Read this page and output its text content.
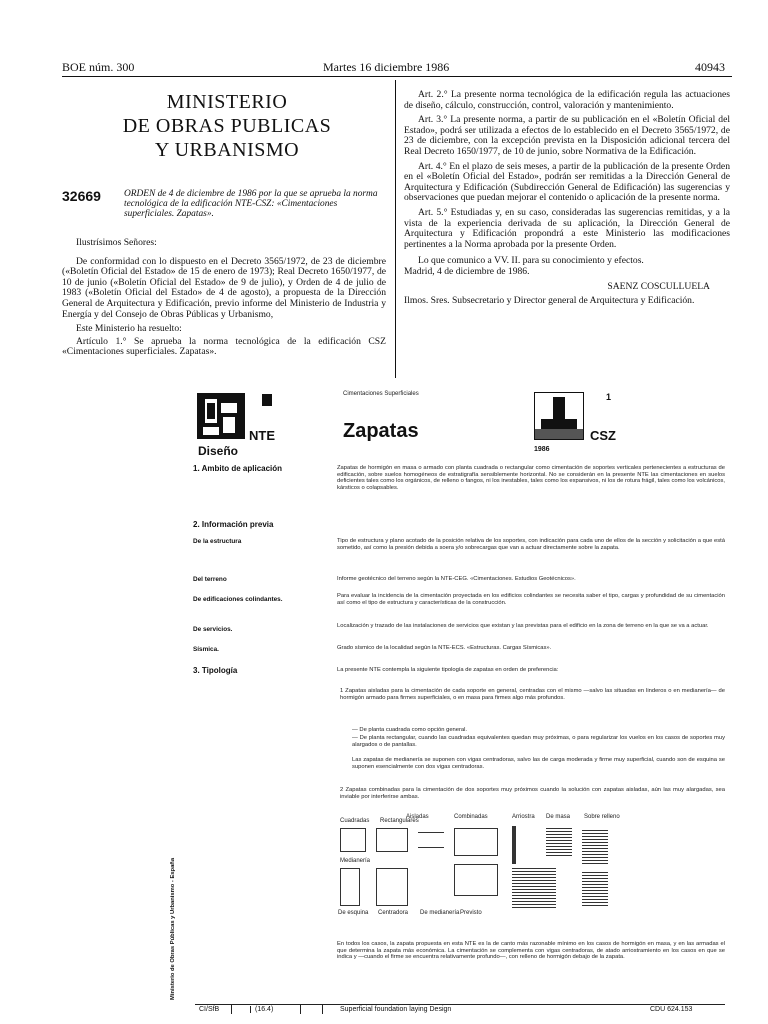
BOE núm. 300	Martes 16 diciembre 1986	40943
MINISTERIO
DE OBRAS PUBLICAS
Y URBANISMO
32669 ORDEN de 4 de diciembre de 1986 por la que se aprueba la norma tecnológica de la edificación NTE-CSZ: «Cimentaciones superficiales. Zapatas».

Ilustrísimos Señores:

De conformidad con lo dispuesto en el Decreto 3565/1972, de 23 de diciembre («Boletín Oficial del Estado» de 15 de enero de 1973); Real Decreto 1650/1977, de 10 de junio («Boletín Oficial del Estado» de 9 de julio), y Orden de 4 de julio de 1983 («Boletín Oficial del Estado» de 4 de agosto), a propuesta de la Dirección General de Arquitectura y Edificación, previo informe del Ministerio de Industria y Energía y del Consejo de Obras Públicas y Urbanismo,

Este Ministerio ha resuelto:

Artículo 1.° Se aprueba la norma tecnológica de la edificación CSZ «Cimentaciones superficiales. Zapatas».

Art. 2.° La presente norma tecnológica de la edificación regula las actuaciones de diseño, cálculo, construcción, control, valoración y mantenimiento.

Art. 3.° La presente norma, a partir de su publicación en el «Boletín Oficial del Estado», podrá ser utilizada a efectos de lo establecido en el Decreto 3565/1972, de 23 de diciembre, con la excepción prevista en la Disposición adicional tercera del Real Decreto 1650/1977, de 10 de junio, sobre Normativa de la Edificación.

Art. 4.° En el plazo de seis meses, a partir de la publicación de la presente Orden en el «Boletín Oficial del Estado», podrán ser remitidas a la Dirección General de Arquitectura y Edificación (Subdirección General de Edificación) las sugerencias y observaciones que puedan mejorar el contenido o aplicación de la presente norma.

Art. 5.° Estudiadas y, en su caso, consideradas las sugerencias remitidas, y a la vista de la experiencia derivada de su aplicación, la Dirección General de Arquitectura y Edificación propondrá a este Ministerio las modificaciones pertinentes a la Norma aprobada por la presente Orden.

Lo que comunico a VV. II. para su conocimiento y efectos.
Madrid, 4 de diciembre de 1986.

SAENZ COSCULLUELA

Ilmos. Sres. Subsecretario y Director general de Arquitectura y Edificación.

Cimentaciones Superficiales
NTE
Diseño
Zapatas
1
CSZ
1986
1. Ambito de aplicación	Zapatas de hormigón en masa o armado con planta cuadrada o rectangular como cimentación de soportes verticales pertenecientes a estructuras de edificación, sobre suelos homogéneos de estratigrafía sensiblemente horizontal. No se considerán en la presente NTE las cimentaciones en suelos deficientes tales como los orgánicos, de relleno o fangos, ni los inestables, tales como los expansivos, ni los de rotura frágil, tales como los volcánicos, kársticos o colapsables.
2. Información previa
De la estructura	Tipo de estructura y plano acotado de la posición relativa de los soportes, con indicación para cada uno de ellos de la sección y solicitación a que está sometido, así como la presión debida a soera y/o sobrecargas que van a actuar directamente sobre la zapata.
Del terreno	Informe geotécnico del terreno según la NTE-CEG. «Cimentaciones. Estudios Geotécnicos».
De edificaciones colindantes.	Para evaluar la incidencia de la cimentación proyectada en los edificios colindantes se necesita saber el tipo, cargas y profundidad de su cimentación así como el tipo de estructura y características de la construcción.
De servicios.	Localización y trazado de las instalaciones de servicios que existan y las previstas para el edificio en la zona de terreno en la que se va a actuar.
Sísmica.	Grado sísmico de la localidad según la NTE-ECS. «Estructuras. Cargas Sísmicas».
3. Tipología	La presente NTE contempla la siguiente tipología de zapatas en orden de preferencia:
1 Zapatas aisladas para la cimentación de cada soporte en general, centradas con el mismo —salvo las situadas en linderos o en medianería— de hormigón armado para firmes superficiales, o en masa para firmes algo más profundos.
— De planta cuadrada como opción general.
— De planta rectangular, cuando las cuadradas equivalentes quedan muy próximas, o para regularizar los vuelos en los casos de soportes muy alargados o de pantallas.
Las zapatas de medianería se suponen con vigas centradoras, salvo las de carga moderada y firme muy superficial, cuando son de esquina se suponen esencialmente con dos vigas centradoras.
2 Zapatas combinadas para la cimentación de dos soportes muy próximos cuando la solución con zapatas aisladas, aún las muy alargadas, sea inviable por interferirse ambas.
Cuadradas Rectangulares
Aisladas	Combinadas	Arriostra De masa Sobre relleno
Medianería
De esquina Centradora De medianería Previsto
En todos los casos, la zapata propuesta en esta NTE es la de canto más razonable mínimo en los casos de hormigón en masa, y en las armadas el que determina la zapata más económica. La cimentación se complementa con vigas centradoras, de atado arriostramiento en los casos en que se indica y —cuando el firme se encuentra relativamente profundo—, con relleno de hormigón debajo de la zapata.
Ministerio de Obras Públicas y Urbanismo - España
CI/SfB	(16.4)	Superficial foundation laying Design	CDU 624.153
